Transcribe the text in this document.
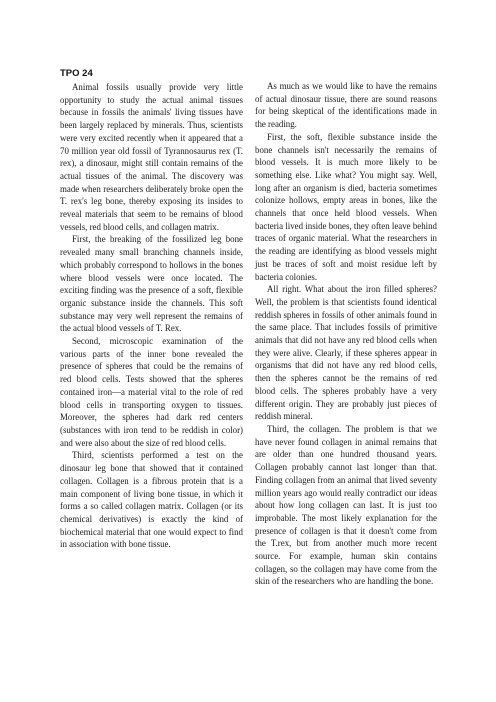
TPO 24

Animal fossils usually provide very little opportunity to study the actual animal tissues because in fossils the animals' living tissues have been largely replaced by minerals. Thus, scientists were very excited recently when it appeared that a 70 million year old fossil of Tyrannosaurus rex (T. rex), a dinosaur, might still contain remains of the actual tissues of the animal. The discovery was made when researchers deliberately broke open the T. rex's leg bone, thereby exposing its insides to reveal materials that seem to be remains of blood vessels, red blood cells, and collagen matrix.

First, the breaking of the fossilized leg bone revealed many small branching channels inside, which probably correspond to hollows in the bones where blood vessels were once located. The exciting finding was the presence of a soft, flexible organic substance inside the channels. This soft substance may very well represent the remains of the actual blood vessels of T. Rex.

Second, microscopic examination of the various parts of the inner bone revealed the presence of spheres that could be the remains of red blood cells. Tests showed that the spheres contained iron—a material vital to the role of red blood cells in transporting oxygen to tissues. Moreover, the spheres had dark red centers (substances with iron tend to be reddish in color) and were also about the size of red blood cells.

Third, scientists performed a test on the dinosaur leg bone that showed that it contained collagen. Collagen is a fibrous protein that is a main component of living bone tissue, in which it forms a so called collagen matrix. Collagen (or its chemical derivatives) is exactly the kind of biochemical material that one would expect to find in association with bone tissue.

As much as we would like to have the remains of actual dinosaur tissue, there are sound reasons for being skeptical of the identifications made in the reading.

First, the soft, flexible substance inside the bone channels isn't necessarily the remains of blood vessels. It is much more likely to be something else. Like what? You might say. Well, long after an organism is died, bacteria sometimes colonize hollows, empty areas in bones, like the channels that once held blood vessels. When bacteria lived inside bones, they often leave behind traces of organic material. What the researchers in the reading are identifying as blood vessels might just be traces of soft and moist residue left by bacteria colonies.

All right. What about the iron filled spheres? Well, the problem is that scientists found identical reddish spheres in fossils of other animals found in the same place. That includes fossils of primitive animals that did not have any red blood cells when they were alive. Clearly, if these spheres appear in organisms that did not have any red blood cells, then the spheres cannot be the remains of red blood cells. The spheres probably have a very different origin. They are probably just pieces of reddish mineral.

Third, the collagen. The problem is that we have never found collagen in animal remains that are older than one hundred thousand years. Collagen probably cannot last longer than that. Finding collagen from an animal that lived seventy million years ago would really contradict our ideas about how long collagen can last. It is just too improbable. The most likely explanation for the presence of collagen is that it doesn't come from the T.rex, but from another much more recent source. For example, human skin contains collagen, so the collagen may have come from the skin of the researchers who are handling the bone.
